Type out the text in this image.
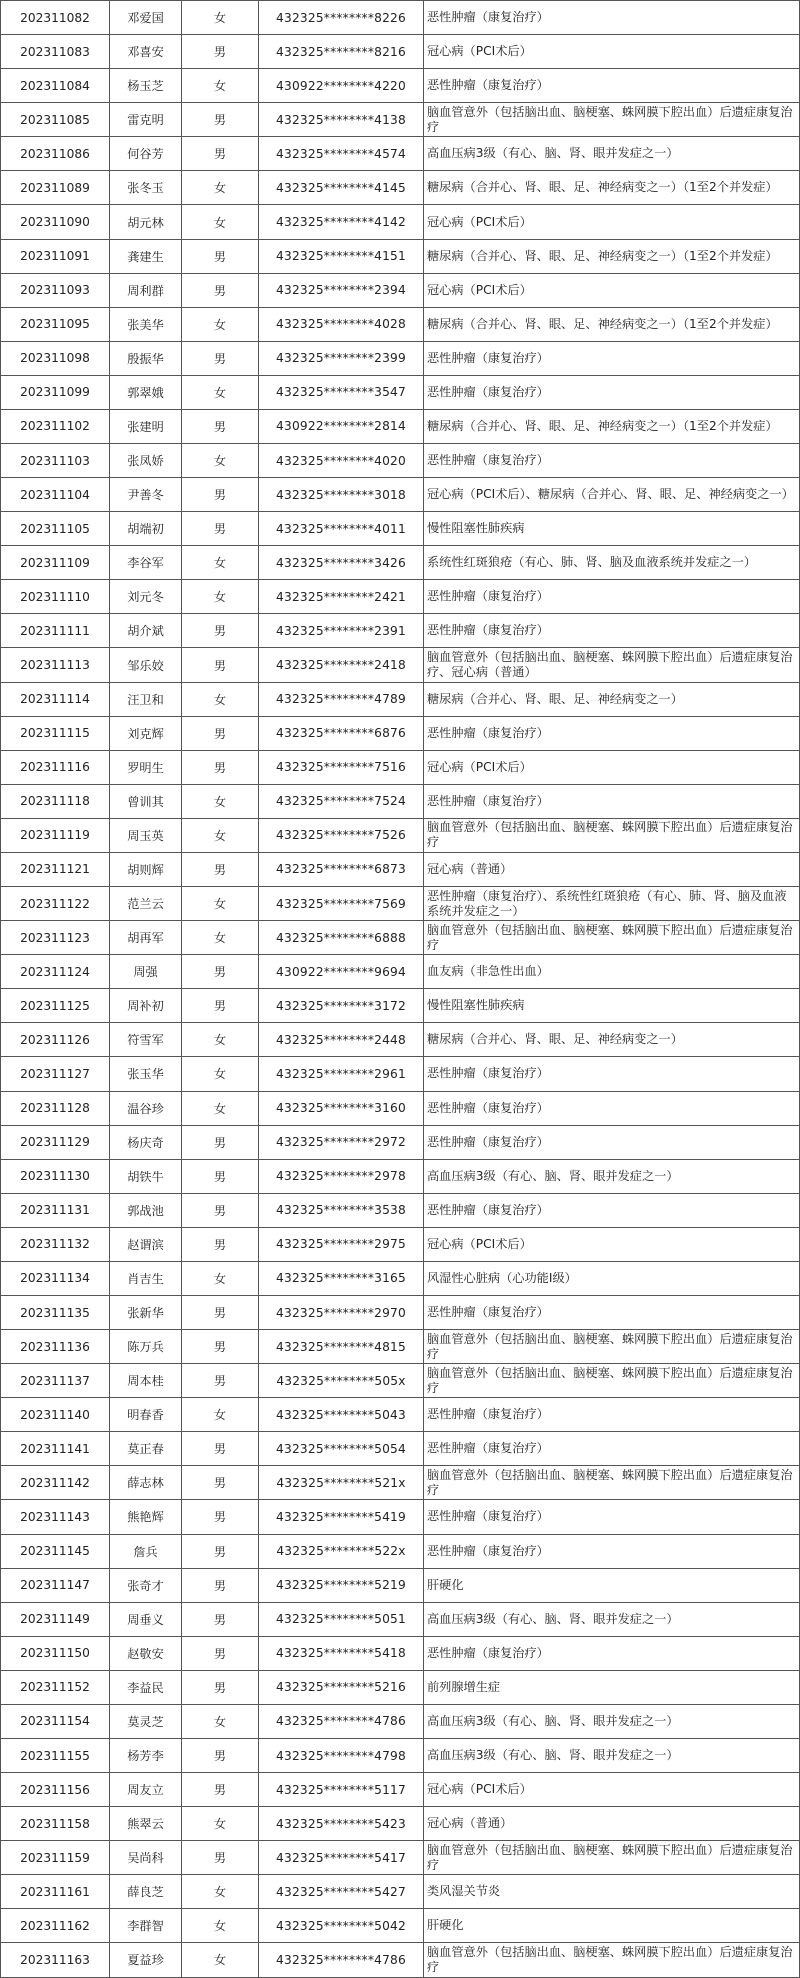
202311082	邓爱国	女	432325********8226	恶性肿瘤（康复治疗）
202311083	邓喜安	男	432325********8216	冠心病（PCI术后）
202311084	杨玉芝	女	430922********4220	恶性肿瘤（康复治疗）
202311085	雷克明	男	432325********4138	脑血管意外（包括脑出血、脑梗塞、蛛网膜下腔出血）后遗症康复治疗
202311086	何谷芳	男	432325********4574	高血压病3级（有心、脑、肾、眼并发症之一）
202311089	张冬玉	女	432325********4145	糖尿病（合并心、肾、眼、足、神经病变之一）（1至2个并发症）
202311090	胡元林	女	432325********4142	冠心病（PCI术后）
202311091	龚建生	男	432325********4151	糖尿病（合并心、肾、眼、足、神经病变之一）（1至2个并发症）
202311093	周利群	男	432325********2394	冠心病（PCI术后）
202311095	张美华	女	432325********4028	糖尿病（合并心、肾、眼、足、神经病变之一）（1至2个并发症）
202311098	殷振华	男	432325********2399	恶性肿瘤（康复治疗）
202311099	郭翠娥	女	432325********3547	恶性肿瘤（康复治疗）
202311102	张建明	男	430922********2814	糖尿病（合并心、肾、眼、足、神经病变之一）（1至2个并发症）
202311103	张凤娇	女	432325********4020	恶性肿瘤（康复治疗）
202311104	尹善冬	男	432325********3018	冠心病（PCI术后）、糖尿病（合并心、肾、眼、足、神经病变之一）
202311105	胡端初	男	432325********4011	慢性阻塞性肺疾病
202311109	李谷军	女	432325********3426	系统性红斑狼疮（有心、肺、肾、脑及血液系统并发症之一）
202311110	刘元冬	女	432325********2421	恶性肿瘤（康复治疗）
202311111	胡介斌	男	432325********2391	恶性肿瘤（康复治疗）
202311113	邹乐姣	男	432325********2418	脑血管意外（包括脑出血、脑梗塞、蛛网膜下腔出血）后遗症康复治疗、冠心病（普通）
202311114	汪卫和	女	432325********4789	糖尿病（合并心、肾、眼、足、神经病变之一）
202311115	刘克辉	男	432325********6876	恶性肿瘤（康复治疗）
202311116	罗明生	男	432325********7516	冠心病（PCI术后）
202311118	曾训其	女	432325********7524	恶性肿瘤（康复治疗）
202311119	周玉英	女	432325********7526	脑血管意外（包括脑出血、脑梗塞、蛛网膜下腔出血）后遗症康复治疗
202311121	胡则辉	男	432325********6873	冠心病（普通）
202311122	范兰云	女	432325********7569	恶性肿瘤（康复治疗）、系统性红斑狼疮（有心、肺、肾、脑及血液系统并发症之一）
202311123	胡再军	女	432325********6888	脑血管意外（包括脑出血、脑梗塞、蛛网膜下腔出血）后遗症康复治疗
202311124	周强	男	430922********9694	血友病（非急性出血）
202311125	周补初	男	432325********3172	慢性阻塞性肺疾病
202311126	符雪军	女	432325********2448	糖尿病（合并心、肾、眼、足、神经病变之一）
202311127	张玉华	女	432325********2961	恶性肿瘤（康复治疗）
202311128	温谷珍	女	432325********3160	恶性肿瘤（康复治疗）
202311129	杨庆奇	男	432325********2972	恶性肿瘤（康复治疗）
202311130	胡铁牛	男	432325********2978	高血压病3级（有心、脑、肾、眼并发症之一）
202311131	郭战池	男	432325********3538	恶性肿瘤（康复治疗）
202311132	赵谓滨	男	432325********2975	冠心病（PCI术后）
202311134	肖吉生	女	432325********3165	风湿性心脏病（心功能I级）
202311135	张新华	男	432325********2970	恶性肿瘤（康复治疗）
202311136	陈万兵	男	432325********4815	脑血管意外（包括脑出血、脑梗塞、蛛网膜下腔出血）后遗症康复治疗
202311137	周本桂	男	432325********505x	脑血管意外（包括脑出血、脑梗塞、蛛网膜下腔出血）后遗症康复治疗
202311140	明春香	女	432325********5043	恶性肿瘤（康复治疗）
202311141	莫正春	男	432325********5054	恶性肿瘤（康复治疗）
202311142	薛志林	男	432325********521x	脑血管意外（包括脑出血、脑梗塞、蛛网膜下腔出血）后遗症康复治疗
202311143	熊艳辉	男	432325********5419	恶性肿瘤（康复治疗）
202311145	詹兵	男	432325********522x	恶性肿瘤（康复治疗）
202311147	张奇才	男	432325********5219	肝硬化
202311149	周垂义	男	432325********5051	高血压病3级（有心、脑、肾、眼并发症之一）
202311150	赵敬安	男	432325********5418	恶性肿瘤（康复治疗）
202311152	李益民	男	432325********5216	前列腺增生症
202311154	莫灵芝	女	432325********4786	高血压病3级（有心、脑、肾、眼并发症之一）
202311155	杨芳李	男	432325********4798	高血压病3级（有心、脑、肾、眼并发症之一）
202311156	周友立	男	432325********5117	冠心病（PCI术后）
202311158	熊翠云	女	432325********5423	冠心病（普通）
202311159	吴尚科	男	432325********5417	脑血管意外（包括脑出血、脑梗塞、蛛网膜下腔出血）后遗症康复治疗
202311161	薛良芝	女	432325********5427	类风湿关节炎
202311162	李群智	女	432325********5042	肝硬化
202311163	夏益珍	女	432325********4786	脑血管意外（包括脑出血、脑梗塞、蛛网膜下腔出血）后遗症康复治疗
